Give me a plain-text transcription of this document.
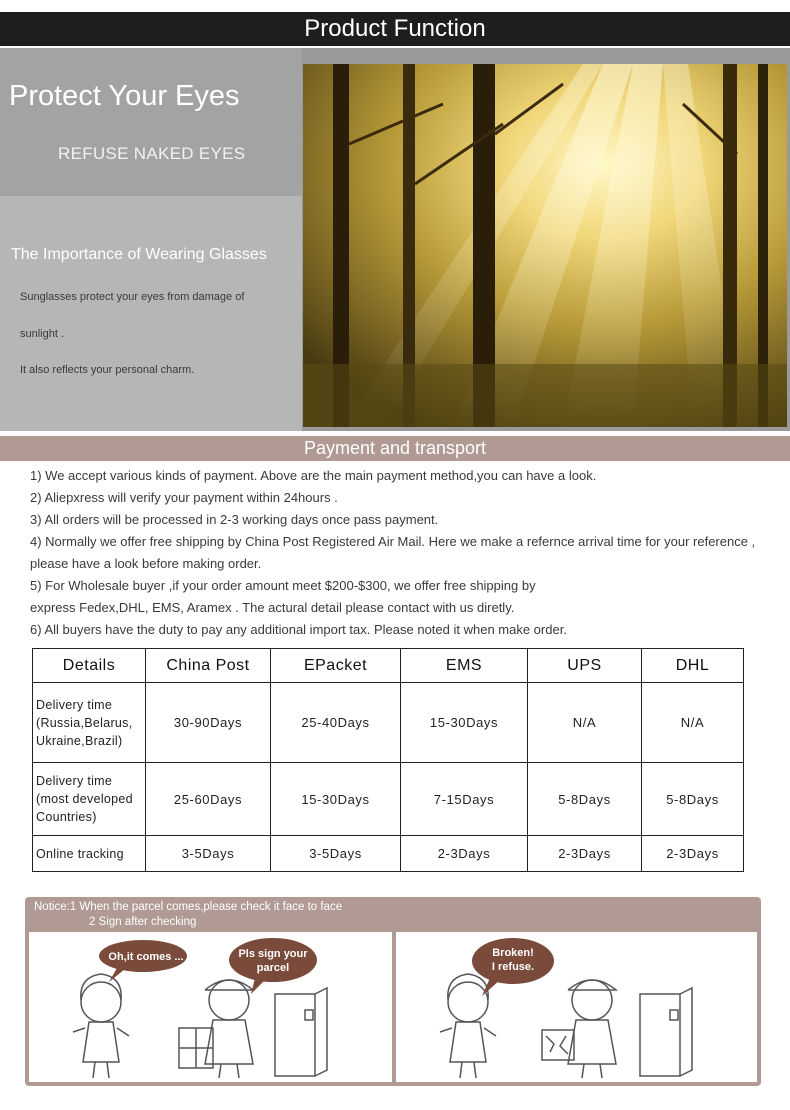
Product Function
Protect Your Eyes
REFUSE NAKED EYES
The Importance of Wearing Glasses
Sunglasses protect your eyes from damage of
sunlight .
It also reflects your personal charm.
Payment and transport
1) We accept various kinds of payment. Above are the main payment method,you can have a look.
2) Aliepxress will verify your payment within 24hours .
3) All orders will be processed in 2-3 working days once pass payment.
4) Normally we offer free shipping by China Post Registered Air Mail. Here we make a refernce arrival time for your reference ,
please have a look before making order.
5) For Wholesale buyer ,if your order amount meet $200-$300, we offer free shipping by
express Fedex,DHL, EMS, Aramex . The actural detail please contact with us diretly.
6) All buyers have the duty to pay any additional import tax. Please noted it when make order.
Details	China Post	EPacket	EMS	UPS	DHL

Delivery time
(Russia,Belarus,
Ukraine,Brazil)	30-90Days	25-40Days	15-30Days	N/A	N/A

Delivery time
(most developed
Countries)	25-60Days	15-30Days	7-15Days	5-8Days	5-8Days

Online tracking	3-5Days	3-5Days	2-3Days	2-3Days	2-3Days
Notice:1 When the parcel comes,please check it face to face
2 Sign after checking
Oh,it comes ...	Pls sign your
parcel
Broken!
I refuse.
